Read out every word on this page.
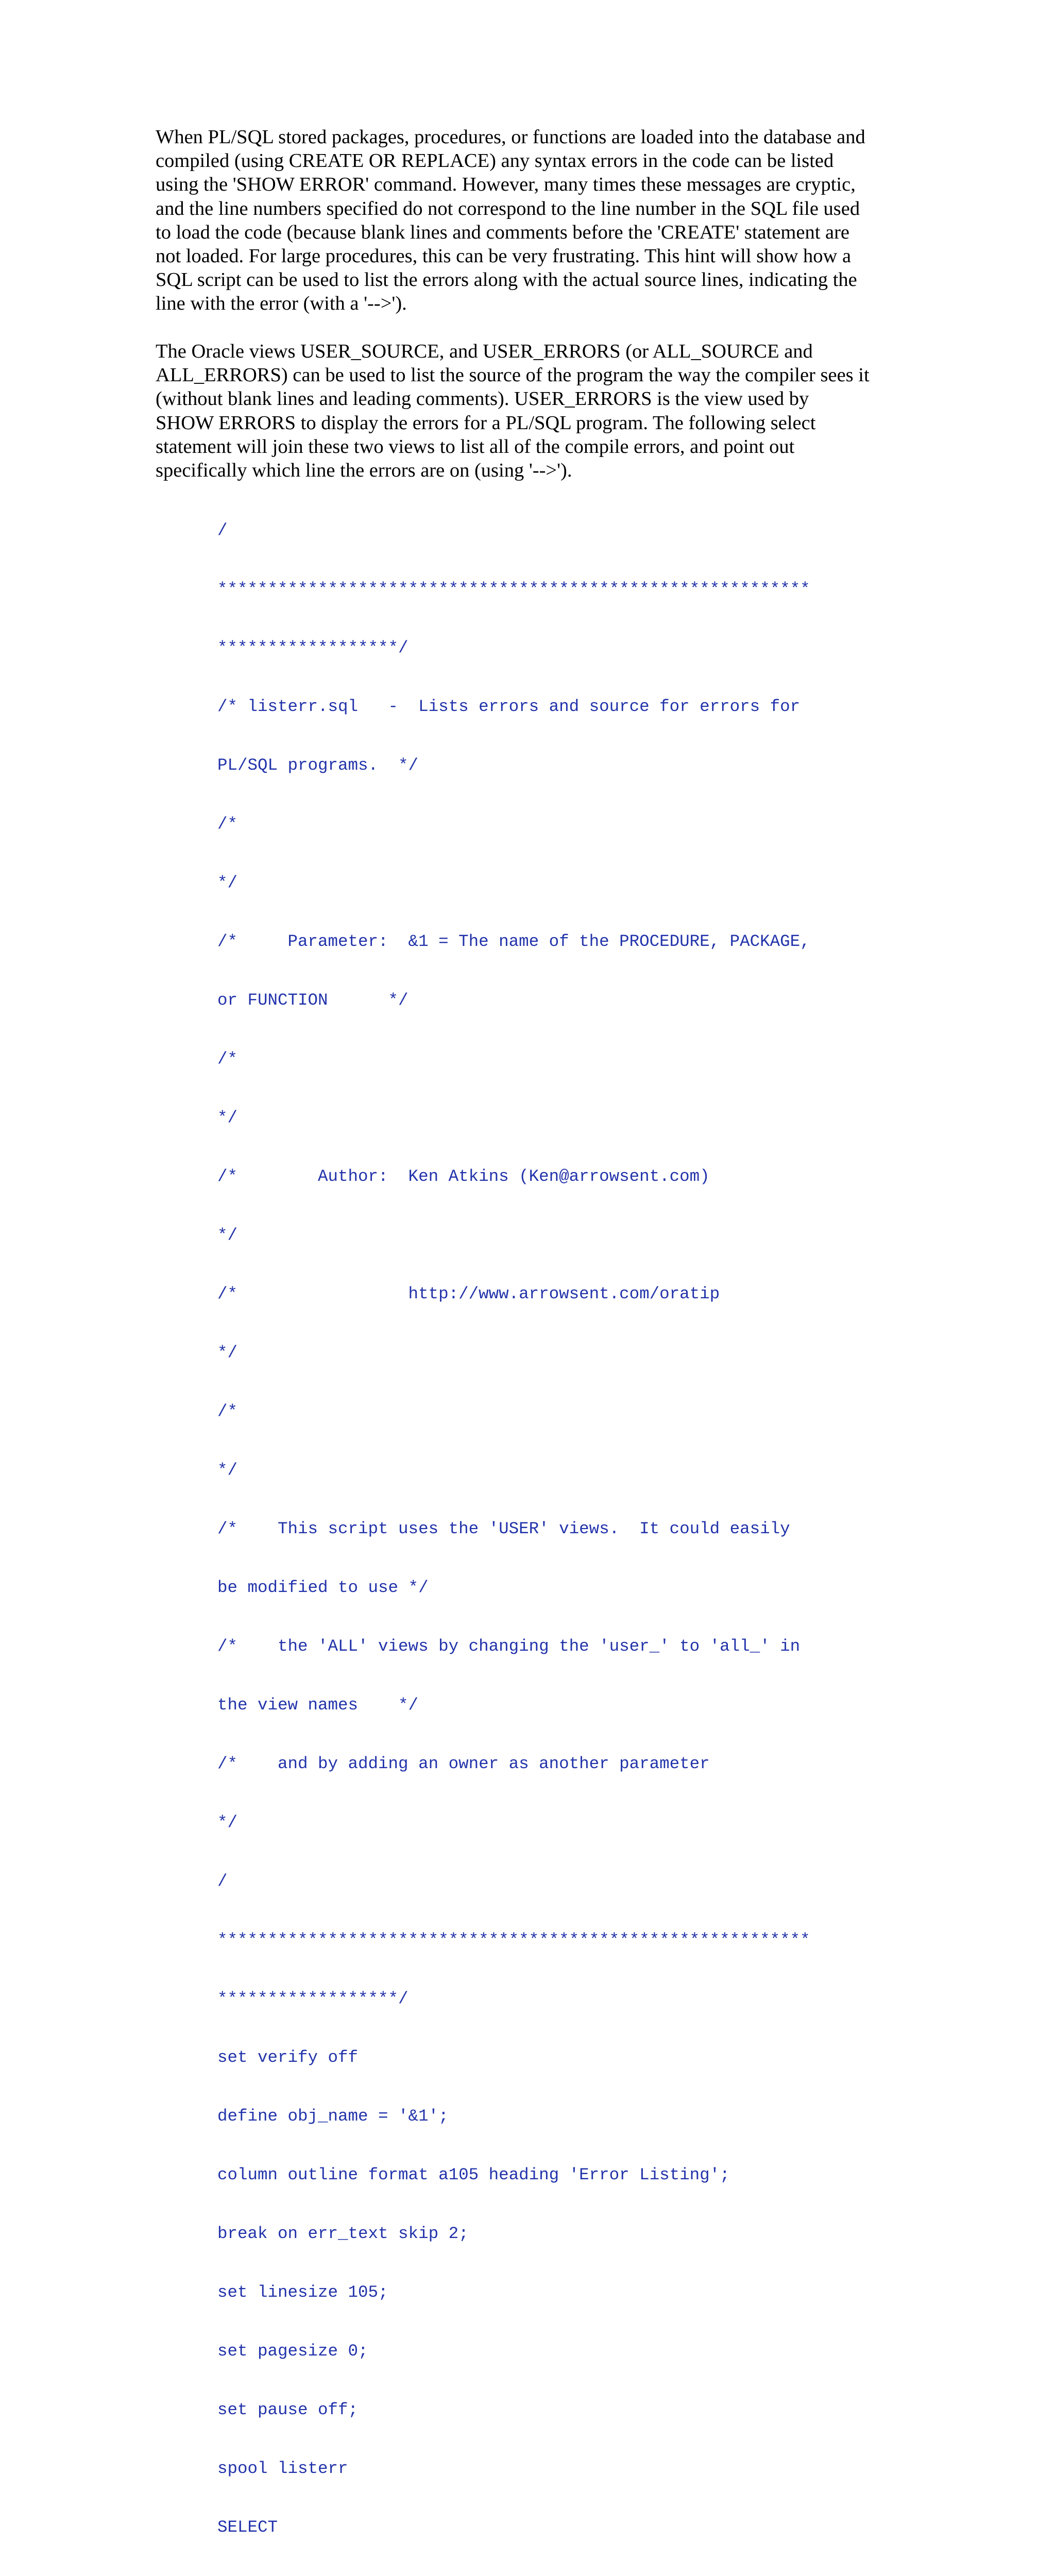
When PL/SQL stored packages, procedures, or functions are loaded into the database and
compiled (using CREATE OR REPLACE) any syntax errors in the code can be listed
using the 'SHOW ERROR' command. However, many times these messages are cryptic,
and the line numbers specified do not correspond to the line number in the SQL file used
to load the code (because blank lines and comments before the 'CREATE' statement are
not loaded. For large procedures, this can be very frustrating. This hint will show how a
SQL script can be used to list the errors along with the actual source lines, indicating the
line with the error (with a '-->').
The Oracle views USER_SOURCE, and USER_ERRORS (or ALL_SOURCE and
ALL_ERRORS) can be used to list the source of the program the way the compiler sees it
(without blank lines and leading comments). USER_ERRORS is the view used by
SHOW ERRORS to display the errors for a PL/SQL program. The following select
statement will join these two views to list all of the compile errors, and point out
specifically which line the errors are on (using '-->').

/

***********************************************************

******************/

/* listerr.sql   -  Lists errors and source for errors for

PL/SQL programs.  */

/*

*/

/*     Parameter:  &1 = The name of the PROCEDURE, PACKAGE,

or FUNCTION      */

/*

*/

/*        Author:  Ken Atkins (Ken@arrowsent.com)

*/

/*                 http://www.arrowsent.com/oratip

*/

/*

*/

/*    This script uses the 'USER' views.  It could easily

be modified to use */

/*    the 'ALL' views by changing the 'user_' to 'all_' in

the view names    */

/*    and by adding an owner as another parameter

*/

/

***********************************************************

******************/

set verify off

define obj_name = '&1';

column outline format a105 heading 'Error Listing';

break on err_text skip 2;

set linesize 105;

set pagesize 0;

set pause off;

spool listerr

SELECT
